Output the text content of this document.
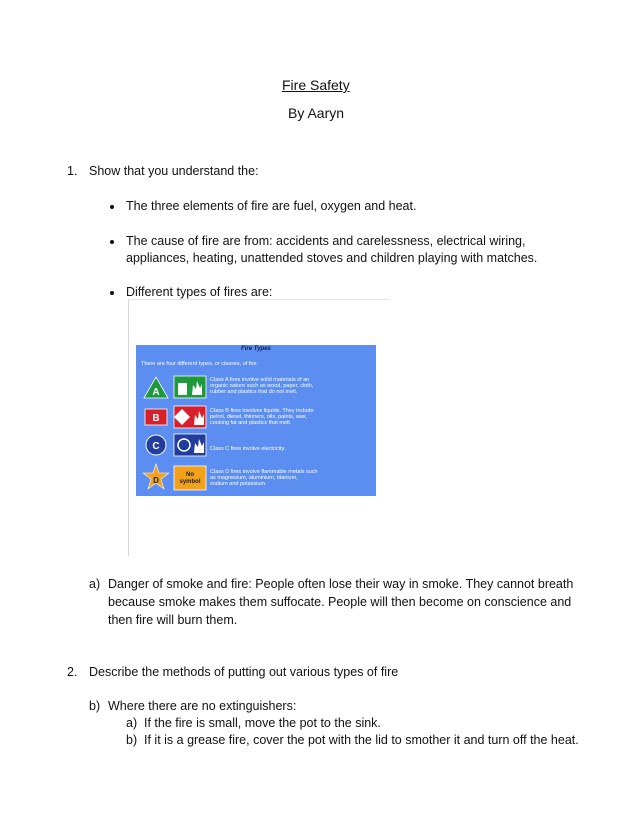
Fire Safety
By Aaryn
1. Show that you understand the:
The three elements of fire are fuel, oxygen and heat.
The cause of fire are from: accidents and carelessness, electrical wiring,
appliances, heating, unattended stoves and children playing with matches.
Different types of fires are:
Fire Types
There are four different types, or classes, of fire:
A
Class A fires involve solid materials of an
organic nature such as wood, paper, cloth,
rubber and plastics that do not melt.
B
Class B fires involves liquids. They include
petrol, diesel, thinners, oils, paints, wax,
cooking fat and plastics that melt.
C	Class C fires involve electricity.
D
No
symbol
Class D fires involve flammable metals such
as magnesium, aluminium, titanium,
sodium and potassium.
a) Danger of smoke and fire: People often lose their way in smoke. They cannot breath
because smoke makes them suffocate. People will then become on conscience and
then fire will burn them.
2. Describe the methods of putting out various types of fire
b) Where there are no extinguishers:
a) If the fire is small, move the pot to the sink.
b) If it is a grease fire, cover the pot with the lid to smother it and turn off the heat.
